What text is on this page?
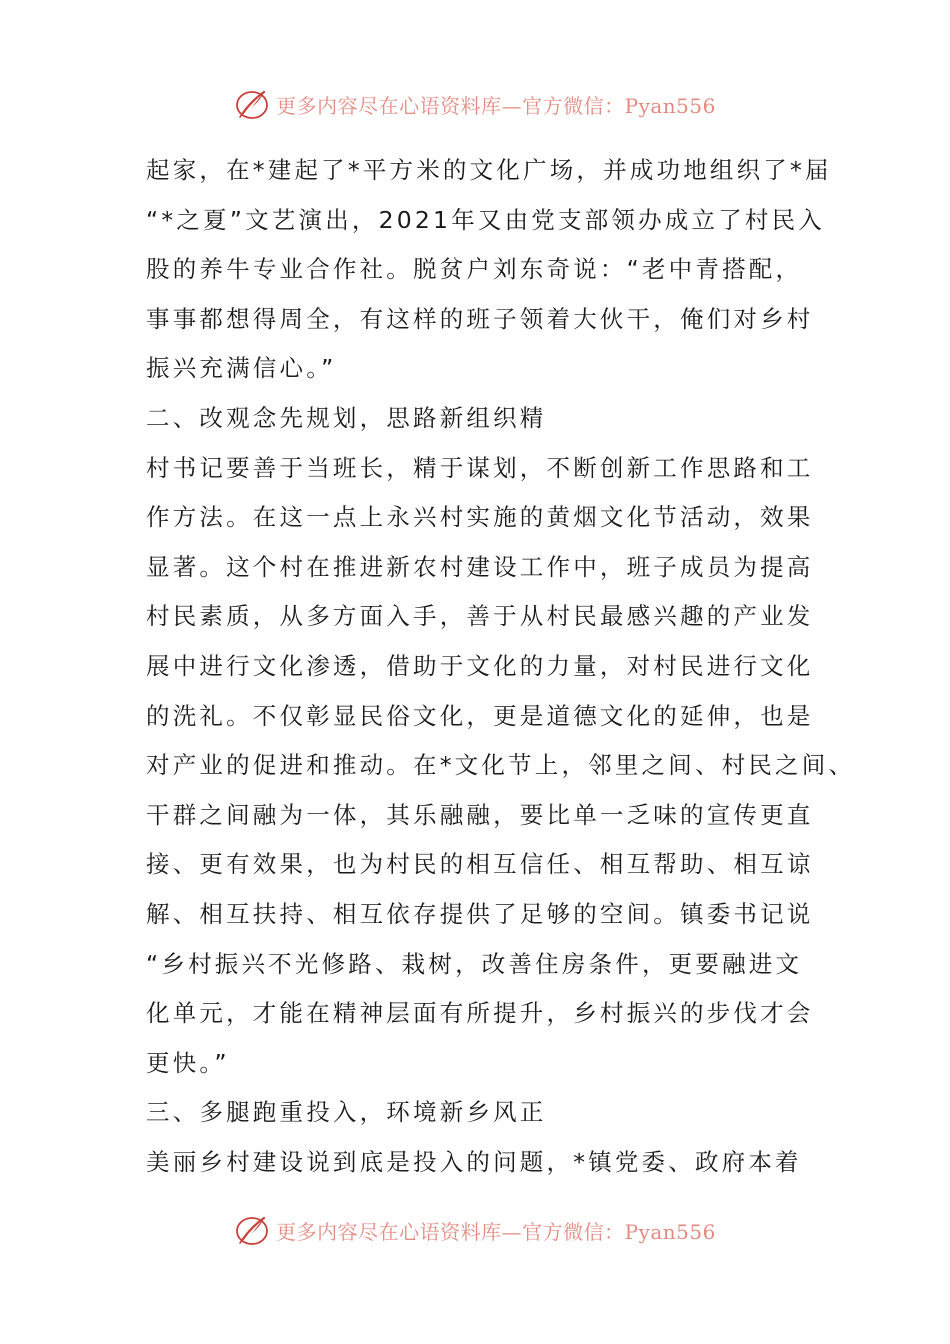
更多内容尽在心语资料库—官方微信：Pyan556
起家，在*建起了*平方米的文化广场，并成功地组织了*届
“*之夏”文艺演出，2021年又由党支部领办成立了村民入
股的养牛专业合作社。脱贫户刘东奇说：“老中青搭配，
事事都想得周全，有这样的班子领着大伙干，俺们对乡村
振兴充满信心。”
二、改观念先规划，思路新组织精
村书记要善于当班长，精于谋划，不断创新工作思路和工
作方法。在这一点上永兴村实施的黄烟文化节活动，效果
显著。这个村在推进新农村建设工作中，班子成员为提高
村民素质，从多方面入手，善于从村民最感兴趣的产业发
展中进行文化渗透，借助于文化的力量，对村民进行文化
的洗礼。不仅彰显民俗文化，更是道德文化的延伸，也是
对产业的促进和推动。在*文化节上，邻里之间、村民之间、
干群之间融为一体，其乐融融，要比单一乏味的宣传更直
接、更有效果，也为村民的相互信任、相互帮助、相互谅
解、相互扶持、相互依存提供了足够的空间。镇委书记说
“乡村振兴不光修路、栽树，改善住房条件，更要融进文
化单元，才能在精神层面有所提升，乡村振兴的步伐才会
更快。”
三、多腿跑重投入，环境新乡风正
美丽乡村建设说到底是投入的问题，*镇党委、政府本着
更多内容尽在心语资料库—官方微信：Pyan556
